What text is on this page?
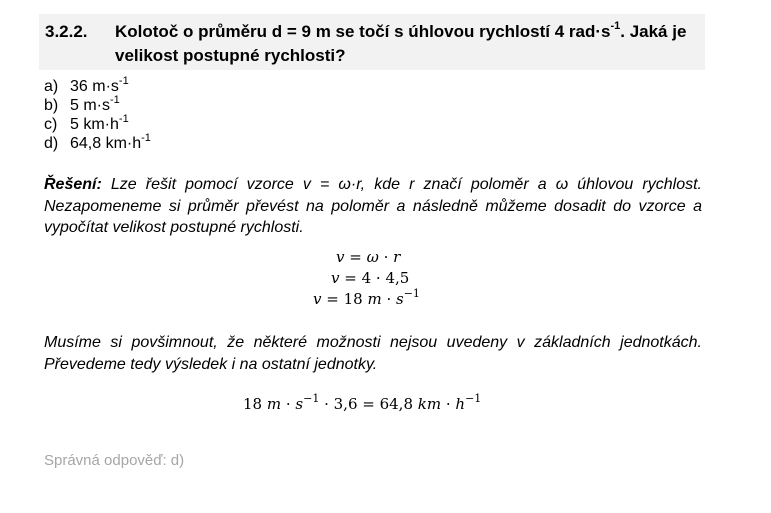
3.2.2. Kolotoč o průměru d = 9 m se točí s úhlovou rychlostí 4 $rad\cdot s^{-1}$. Jaká je velikost postupné rychlosti?
a) 36 $m\cdot s^{-1}$
b) 5 $m\cdot s^{-1}$
c) 5 $km\cdot h^{-1}$
d) 64,8 $km\cdot h^{-1}$

Řešení: Lze řešit pomocí vzorce v = ω·r, kde r značí poloměr a ω úhlovou rychlost. Nezapomeneme si průměr převést na poloměr a následně můžeme dosadit do vzorce a vypočítat velikost postupné rychlosti.

v = ω · r
v = 4 · 4,5
v = 18 $m \cdot s^{-1}$

Musíme si povšimnout, že některé možnosti nejsou uvedeny v základních jednotkách. Převedeme tedy výsledek i na ostatní jednotky.

18 $m \cdot s^{-1} \cdot 3,6 = 64,8$ km · $h^{-1}$
Správná odpověď: d)
